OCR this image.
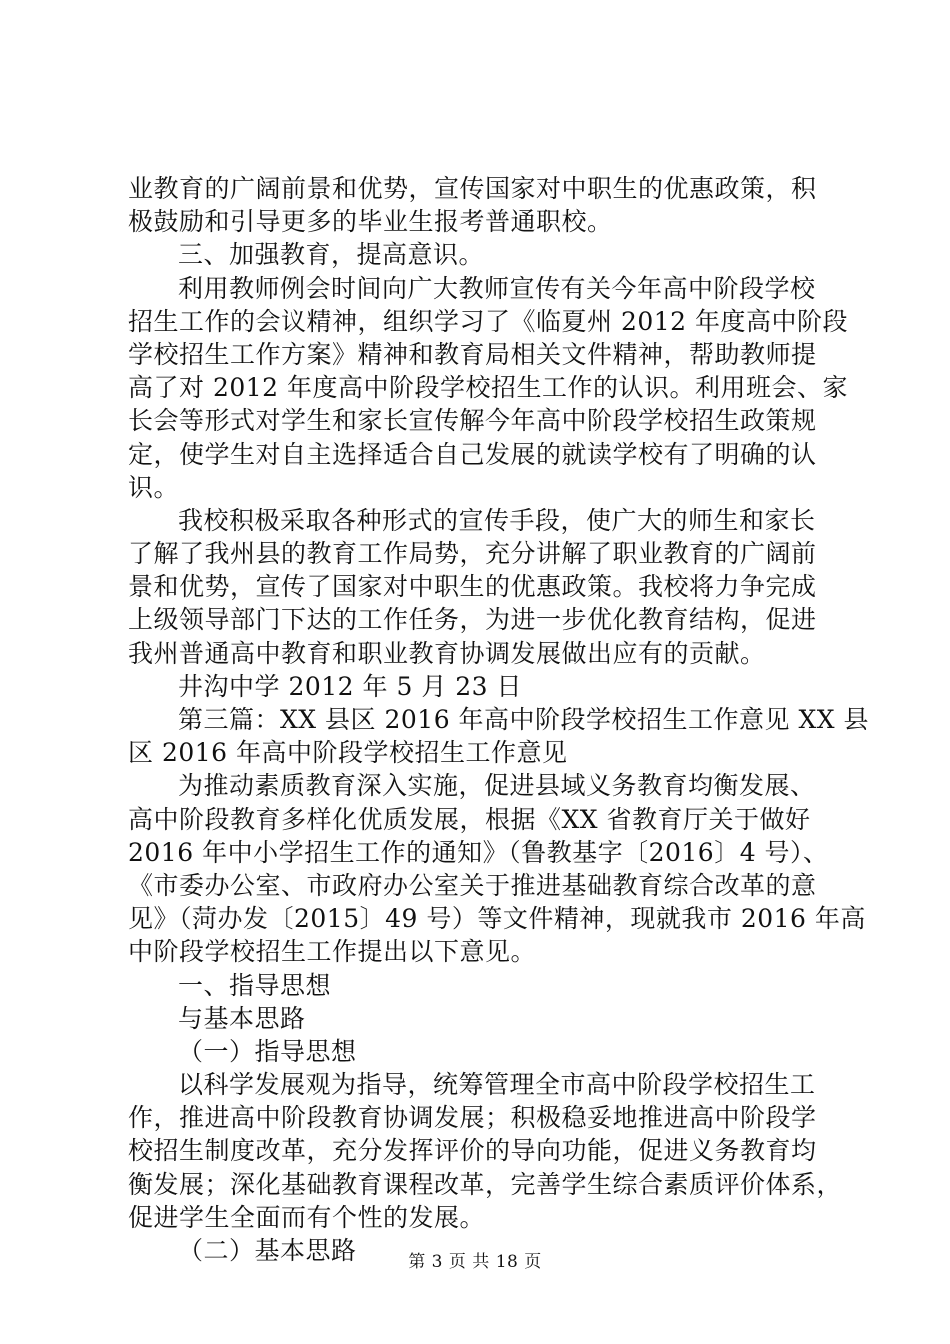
业教育的广阔前景和优势，宣传国家对中职生的优惠政策，积
极鼓励和引导更多的毕业生报考普通职校。
三、加强教育，提高意识。
利用教师例会时间向广大教师宣传有关今年高中阶段学校
招生工作的会议精神，组织学习了《临夏州 2012 年度高中阶段
学校招生工作方案》精神和教育局相关文件精神，帮助教师提
高了对 2012 年度高中阶段学校招生工作的认识。利用班会、家
长会等形式对学生和家长宣传解今年高中阶段学校招生政策规
定，使学生对自主选择适合自己发展的就读学校有了明确的认
识。
我校积极采取各种形式的宣传手段，使广大的师生和家长
了解了我州县的教育工作局势，充分讲解了职业教育的广阔前
景和优势，宣传了国家对中职生的优惠政策。我校将力争完成
上级领导部门下达的工作任务，为进一步优化教育结构，促进
我州普通高中教育和职业教育协调发展做出应有的贡献。
井沟中学 2012 年 5 月 23 日
第三篇：XX 县区 2016 年高中阶段学校招生工作意见 XX 县
区 2016 年高中阶段学校招生工作意见
为推动素质教育深入实施，促进县域义务教育均衡发展、
高中阶段教育多样化优质发展，根据《XX 省教育厅关于做好
2016 年中小学招生工作的通知》（鲁教基字〔2016〕4 号）、
《市委办公室、市政府办公室关于推进基础教育综合改革的意
见》（菏办发〔2015〕49 号）等文件精神，现就我市 2016 年高
中阶段学校招生工作提出以下意见。
一、指导思想
与基本思路
（一）指导思想
以科学发展观为指导，统筹管理全市高中阶段学校招生工
作，推进高中阶段教育协调发展；积极稳妥地推进高中阶段学
校招生制度改革，充分发挥评价的导向功能，促进义务教育均
衡发展；深化基础教育课程改革，完善学生综合素质评价体系，
促进学生全面而有个性的发展。
（二）基本思路	第 3 页 共 18 页
